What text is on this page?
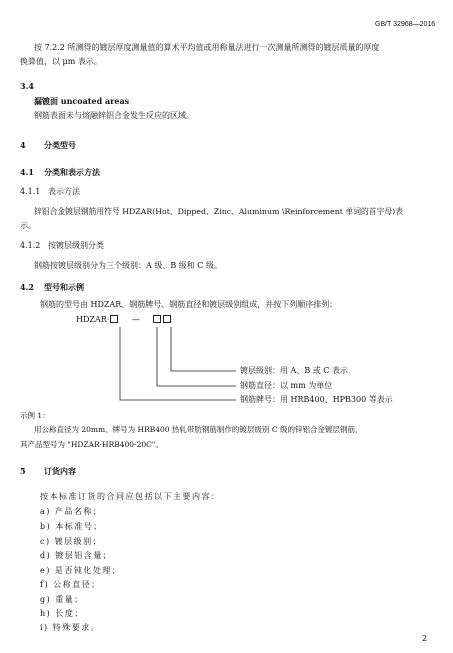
GB/T 32968—2016
按 7.2.2 所测得的镀层厚度测量值的算术平均值或用称量法进行一次测量所测得的镀层质量的厚度
换算值，以 μm 表示。
3.4
漏镀面 uncoated areas
钢筋表面未与熔融锌铝合金发生反应的区域。
4 分类型号
4.1 分类和表示方法
4.1.1 表示方法
锌铝合金镀层钢筋用符号 HDZAR(Hot、Dipped、Zinc、Aluminum \Reinforcement 单词的首字母)表
示。
4.1.2 按镀层级别分类
钢筋按镀层级别分为三个级别：A 级、B 级和 C 级。
4.2 型号和示例
钢筋的型号由 HDZAR、钢筋牌号、钢筋直径和镀层级别组成，并按下列顺序排列：
HDZAR·	—
镀层级别：用 A、B 或 C 表示
钢筋直径：以 mm 为单位
钢筋牌号：用 HRB400、HPB300 等表示
示例 1：
用公称直径为 20mm、牌号为 HRB400 热轧带肋钢筋制作的镀层级别 C 级的锌铝合金镀层钢筋，
其产品型号为 "HDZAR·HRB400-20C"。
5 订货内容
按本标准订货的合同应包括以下主要内容：
a) 产品名称；
b) 本标准号；
c) 镀层级别；
d) 镀层铝含量；
e) 是否钝化处理；
f) 公称直径；
g) 重量；
h) 长度；
i) 特殊要求。
2
